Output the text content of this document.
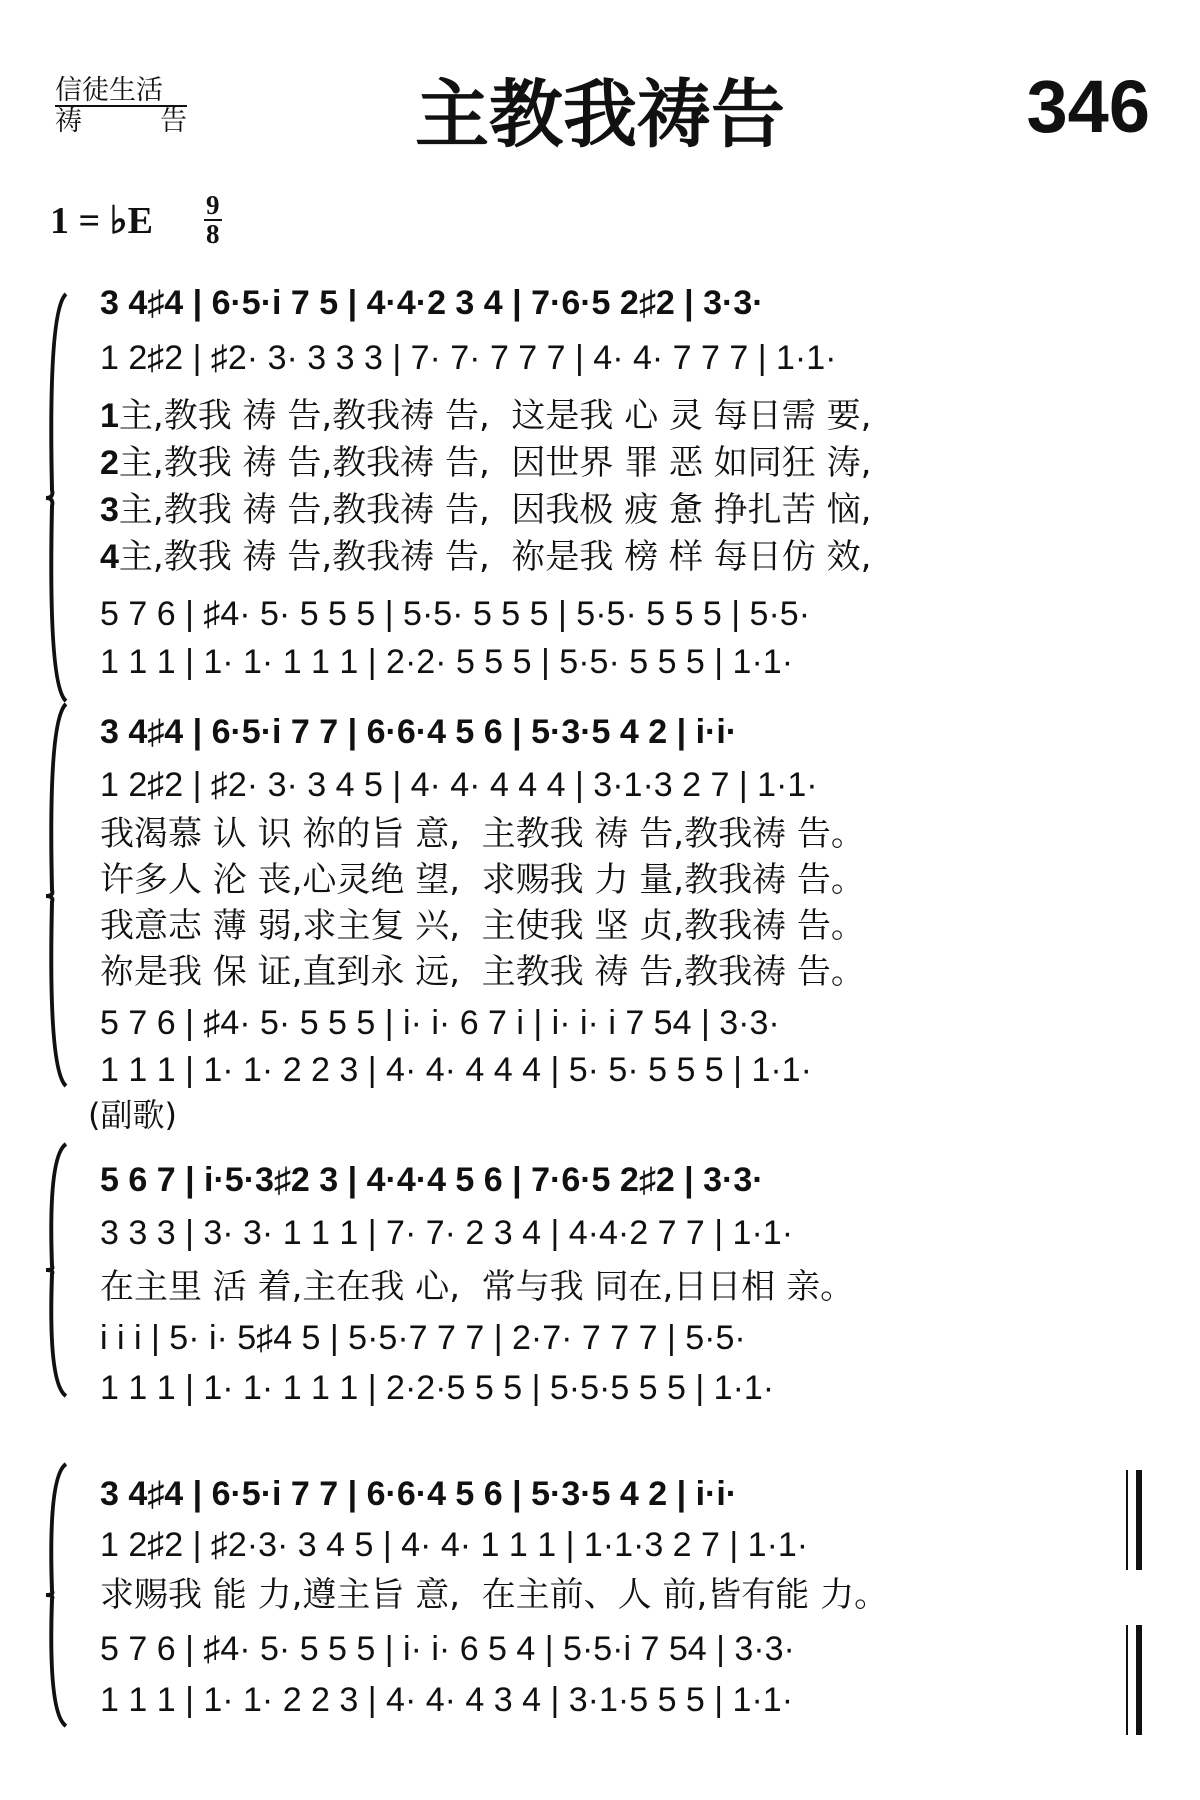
信徒生活
祷	告	主教我祷告	346
1 = ♭E 9
8
(副歌)
3 4♯4 | 6·5·i 7 5 | 4·4·2 3 4 | 7·6·5 2♯2 | 3·3·
1 2♯2 | ♯2· 3· 3 3 3 | 7· 7· 7 7 7 | 4· 4· 7 7 7 | 1·1·
1主,教我 祷 告,教我祷 告,  这是我 心 灵 每日需 要,
2主,教我 祷 告,教我祷 告,  因世界 罪 恶 如同狂 涛,
3主,教我 祷 告,教我祷 告,  因我极 疲 惫 挣扎苦 恼,
4主,教我 祷 告,教我祷 告,  祢是我 榜 样 每日仿 效,
5 7 6 | ♯4· 5· 5 5 5 | 5·5· 5 5 5 | 5·5· 5 5 5 | 5·5·
1 1 1 | 1· 1· 1 1 1 | 2·2· 5 5 5 | 5·5· 5 5 5 | 1·1·
3 4♯4 | 6·5·i 7 7 | 6·6·4 5 6 | 5·3·5 4 2 | i·i·
1 2♯2 | ♯2· 3· 3 4 5 | 4· 4· 4 4 4 | 3·1·3 2 7 | 1·1·
我渴慕 认 识 祢的旨 意,  主教我 祷 告,教我祷 告。
许多人 沦 丧,心灵绝 望,  求赐我 力 量,教我祷 告。
我意志 薄 弱,求主复 兴,  主使我 坚 贞,教我祷 告。
祢是我 保 证,直到永 远,  主教我 祷 告,教我祷 告。
5 7 6 | ♯4· 5· 5 5 5 | i· i· 6 7 i | i· i· i 7 54 | 3·3·
1 1 1 | 1· 1· 2 2 3 | 4· 4· 4 4 4 | 5· 5· 5 5 5 | 1·1·
5 6 7 | i·5·3♯2 3 | 4·4·4 5 6 | 7·6·5 2♯2 | 3·3·
3 3 3 | 3· 3· 1 1 1 | 7· 7· 2 3 4 | 4·4·2 7 7 | 1·1·
在主里 活 着,主在我 心,  常与我 同在,日日相 亲。
i i i | 5· i· 5♯4 5 | 5·5·7 7 7 | 2·7· 7 7 7 | 5·5·
1 1 1 | 1· 1· 1 1 1 | 2·2·5 5 5 | 5·5·5 5 5 | 1·1·
3 4♯4 | 6·5·i 7 7 | 6·6·4 5 6 | 5·3·5 4 2 | i·i·
1 2♯2 | ♯2·3· 3 4 5 | 4· 4· 1 1 1 | 1·1·3 2 7 | 1·1·
求赐我 能 力,遵主旨 意,  在主前、人 前,皆有能 力。
5 7 6 | ♯4· 5· 5 5 5 | i· i· 6 5 4 | 5·5·i 7 54 | 3·3·
1 1 1 | 1· 1· 2 2 3 | 4· 4· 4 3 4 | 3·1·5 5 5 | 1·1·
